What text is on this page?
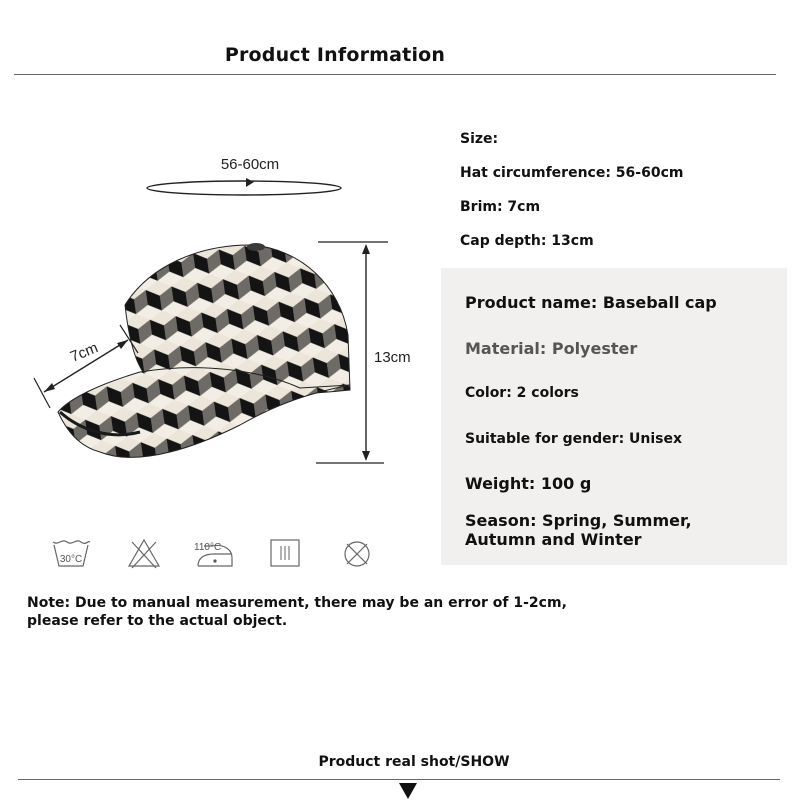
Product Information
56-60cm
7cm	13cm
Size:
Hat circumference: 56-60cm
Brim: 7cm
Cap depth: 13cm
Product name: Baseball cap
Material: Polyester
Color: 2 colors
Suitable for gender: Unisex
Weight: 100 g
Season: Spring, Summer, Autumn and Winter
30°C
110°C
Note: Due to manual measurement, there may be an error of 1-2cm, please refer to the actual object.
Product real shot/SHOW
